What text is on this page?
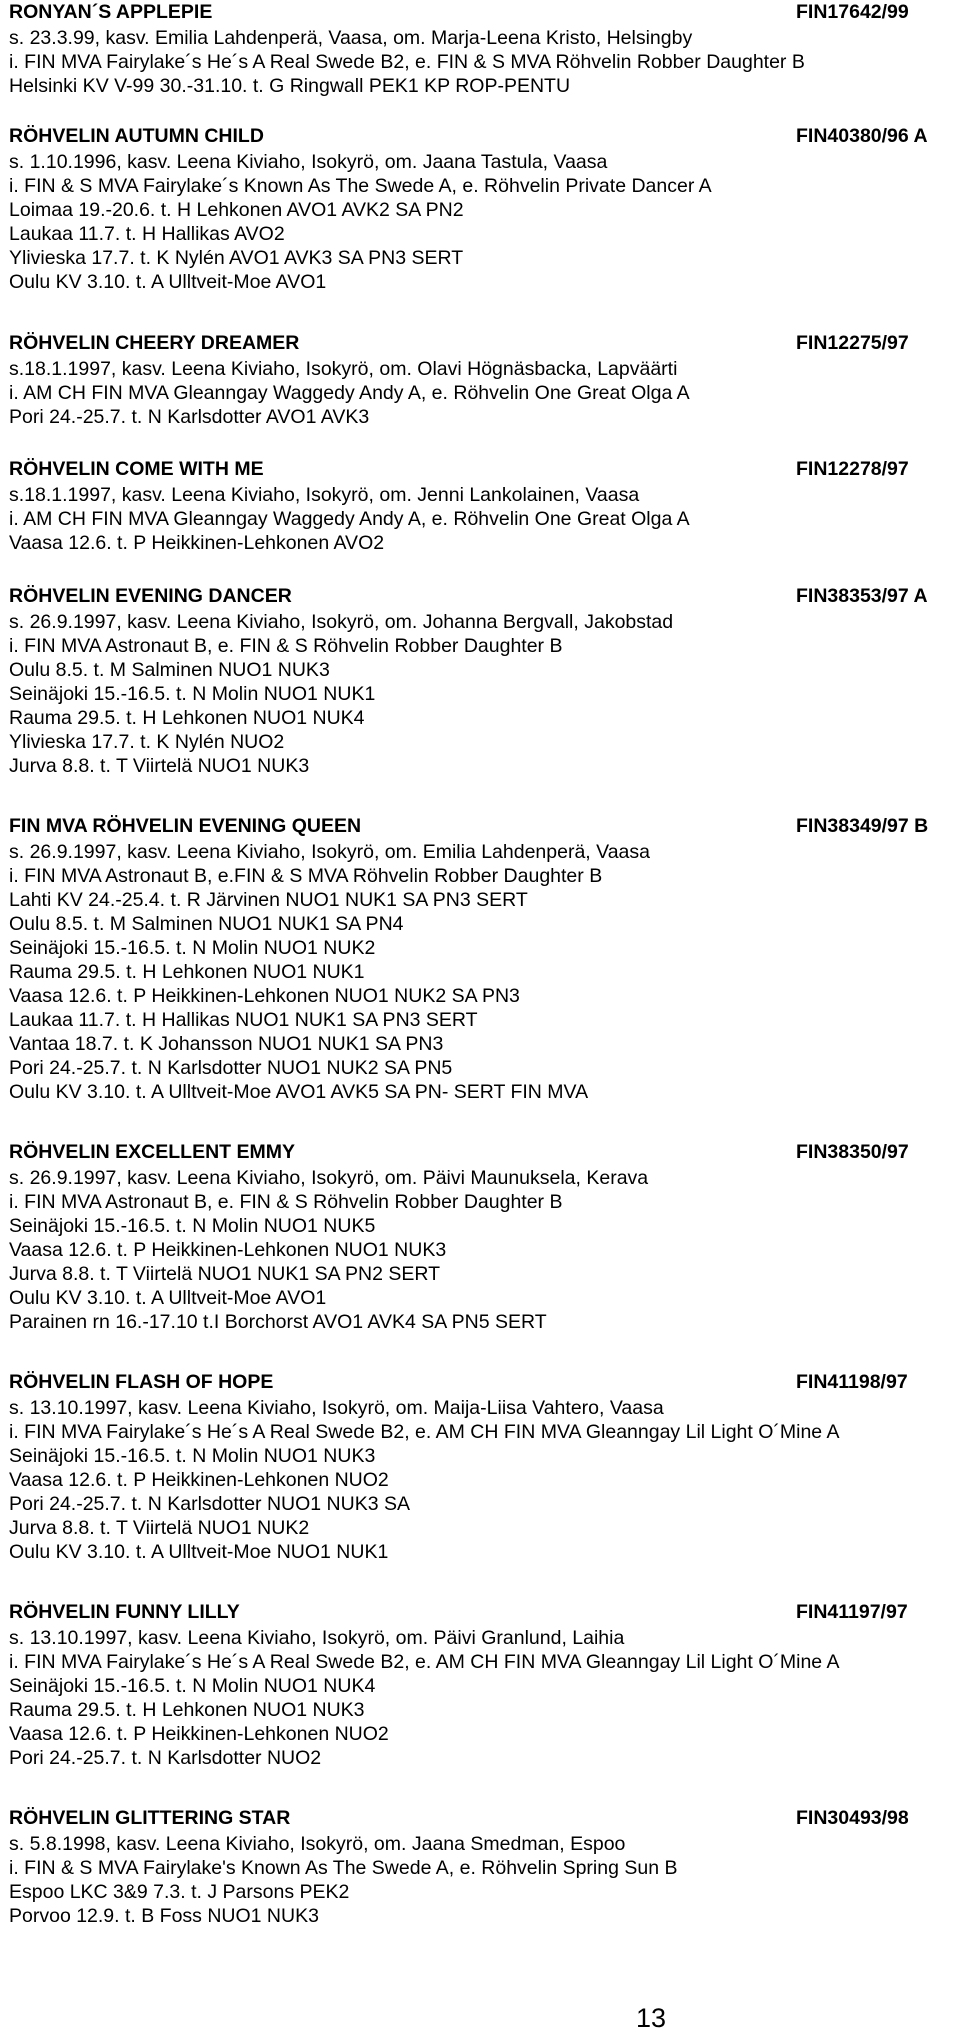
RONYAN´S APPLEPIE	FIN17642/99
s. 23.3.99, kasv. Emilia Lahdenperä, Vaasa, om. Marja-Leena Kristo, Helsingby
i. FIN MVA Fairylake´s He´s A Real Swede B2, e. FIN & S MVA Röhvelin Robber Daughter B
Helsinki KV V-99 30.-31.10. t. G Ringwall PEK1 KP ROP-PENTU
RÖHVELIN AUTUMN CHILD	FIN40380/96 A
s. 1.10.1996, kasv. Leena Kiviaho, Isokyrö, om. Jaana Tastula, Vaasa
i. FIN & S MVA Fairylake´s Known As The Swede A, e. Röhvelin Private Dancer A
Loimaa 19.-20.6. t. H Lehkonen AVO1 AVK2 SA PN2
Laukaa 11.7. t. H Hallikas AVO2
Ylivieska 17.7. t. K Nylén AVO1 AVK3 SA PN3 SERT
Oulu KV 3.10. t. A Ulltveit-Moe AVO1
RÖHVELIN CHEERY DREAMER	FIN12275/97
s.18.1.1997, kasv. Leena Kiviaho, Isokyrö, om. Olavi Högnäsbacka, Lapväärti
i. AM CH FIN MVA Gleanngay Waggedy Andy A, e. Röhvelin One Great Olga A
Pori 24.-25.7. t. N Karlsdotter AVO1 AVK3
RÖHVELIN COME WITH ME	FIN12278/97
s.18.1.1997, kasv. Leena Kiviaho, Isokyrö, om. Jenni Lankolainen, Vaasa
i. AM CH FIN MVA Gleanngay Waggedy Andy A, e. Röhvelin One Great Olga A
Vaasa 12.6. t. P Heikkinen-Lehkonen AVO2
RÖHVELIN EVENING DANCER	FIN38353/97 A
s. 26.9.1997, kasv. Leena Kiviaho, Isokyrö, om. Johanna Bergvall, Jakobstad
i. FIN MVA Astronaut B, e. FIN & S Röhvelin Robber Daughter B
Oulu 8.5. t. M Salminen NUO1 NUK3
Seinäjoki 15.-16.5. t. N Molin NUO1 NUK1
Rauma 29.5. t. H Lehkonen NUO1 NUK4
Ylivieska 17.7. t. K Nylén NUO2
Jurva 8.8. t. T Viirtelä NUO1 NUK3
FIN MVA RÖHVELIN EVENING QUEEN	FIN38349/97 B
s. 26.9.1997, kasv. Leena Kiviaho, Isokyrö, om. Emilia Lahdenperä, Vaasa
i. FIN MVA Astronaut B, e.FIN & S MVA Röhvelin Robber Daughter B
Lahti KV 24.-25.4. t. R Järvinen NUO1 NUK1 SA PN3 SERT
Oulu 8.5. t. M Salminen NUO1 NUK1 SA PN4
Seinäjoki 15.-16.5. t. N Molin NUO1 NUK2
Rauma 29.5. t. H Lehkonen NUO1 NUK1
Vaasa 12.6. t. P Heikkinen-Lehkonen NUO1 NUK2 SA PN3
Laukaa 11.7. t. H Hallikas NUO1 NUK1 SA PN3 SERT
Vantaa 18.7. t. K Johansson NUO1 NUK1 SA PN3
Pori 24.-25.7. t. N Karlsdotter NUO1 NUK2 SA PN5
Oulu KV 3.10. t. A Ulltveit-Moe AVO1 AVK5 SA PN- SERT FIN MVA
RÖHVELIN EXCELLENT EMMY	FIN38350/97
s. 26.9.1997, kasv. Leena Kiviaho, Isokyrö, om. Päivi Maunuksela, Kerava
i. FIN MVA Astronaut B, e. FIN & S Röhvelin Robber Daughter B
Seinäjoki 15.-16.5. t. N Molin NUO1 NUK5
Vaasa 12.6. t. P Heikkinen-Lehkonen NUO1 NUK3
Jurva 8.8. t. T Viirtelä NUO1 NUK1 SA PN2 SERT
Oulu KV 3.10. t. A Ulltveit-Moe AVO1
Parainen rn 16.-17.10 t.I Borchorst AVO1 AVK4 SA PN5 SERT
RÖHVELIN FLASH OF HOPE	FIN41198/97
s. 13.10.1997, kasv. Leena Kiviaho, Isokyrö, om. Maija-Liisa Vahtero, Vaasa
i. FIN MVA Fairylake´s He´s A Real Swede B2, e. AM CH FIN MVA Gleanngay Lil Light O´Mine A
Seinäjoki 15.-16.5. t. N Molin NUO1 NUK3
Vaasa 12.6. t. P Heikkinen-Lehkonen NUO2
Pori 24.-25.7. t. N Karlsdotter NUO1 NUK3 SA
Jurva 8.8. t. T Viirtelä NUO1 NUK2
Oulu KV 3.10. t. A Ulltveit-Moe NUO1 NUK1
RÖHVELIN FUNNY LILLY	FIN41197/97
s. 13.10.1997, kasv. Leena Kiviaho, Isokyrö, om. Päivi Granlund, Laihia
i. FIN MVA Fairylake´s He´s A Real Swede B2, e. AM CH FIN MVA Gleanngay Lil Light O´Mine A
Seinäjoki 15.-16.5. t. N Molin NUO1 NUK4
Rauma 29.5. t. H Lehkonen NUO1 NUK3
Vaasa 12.6. t. P Heikkinen-Lehkonen NUO2
Pori 24.-25.7. t. N Karlsdotter NUO2
RÖHVELIN GLITTERING STAR	FIN30493/98
s. 5.8.1998, kasv. Leena Kiviaho, Isokyrö, om. Jaana Smedman, Espoo
i. FIN & S MVA Fairylake's Known As The Swede A, e. Röhvelin Spring Sun B
Espoo LKC 3&9 7.3. t. J Parsons PEK2
Porvoo 12.9. t. B Foss NUO1 NUK3
13
